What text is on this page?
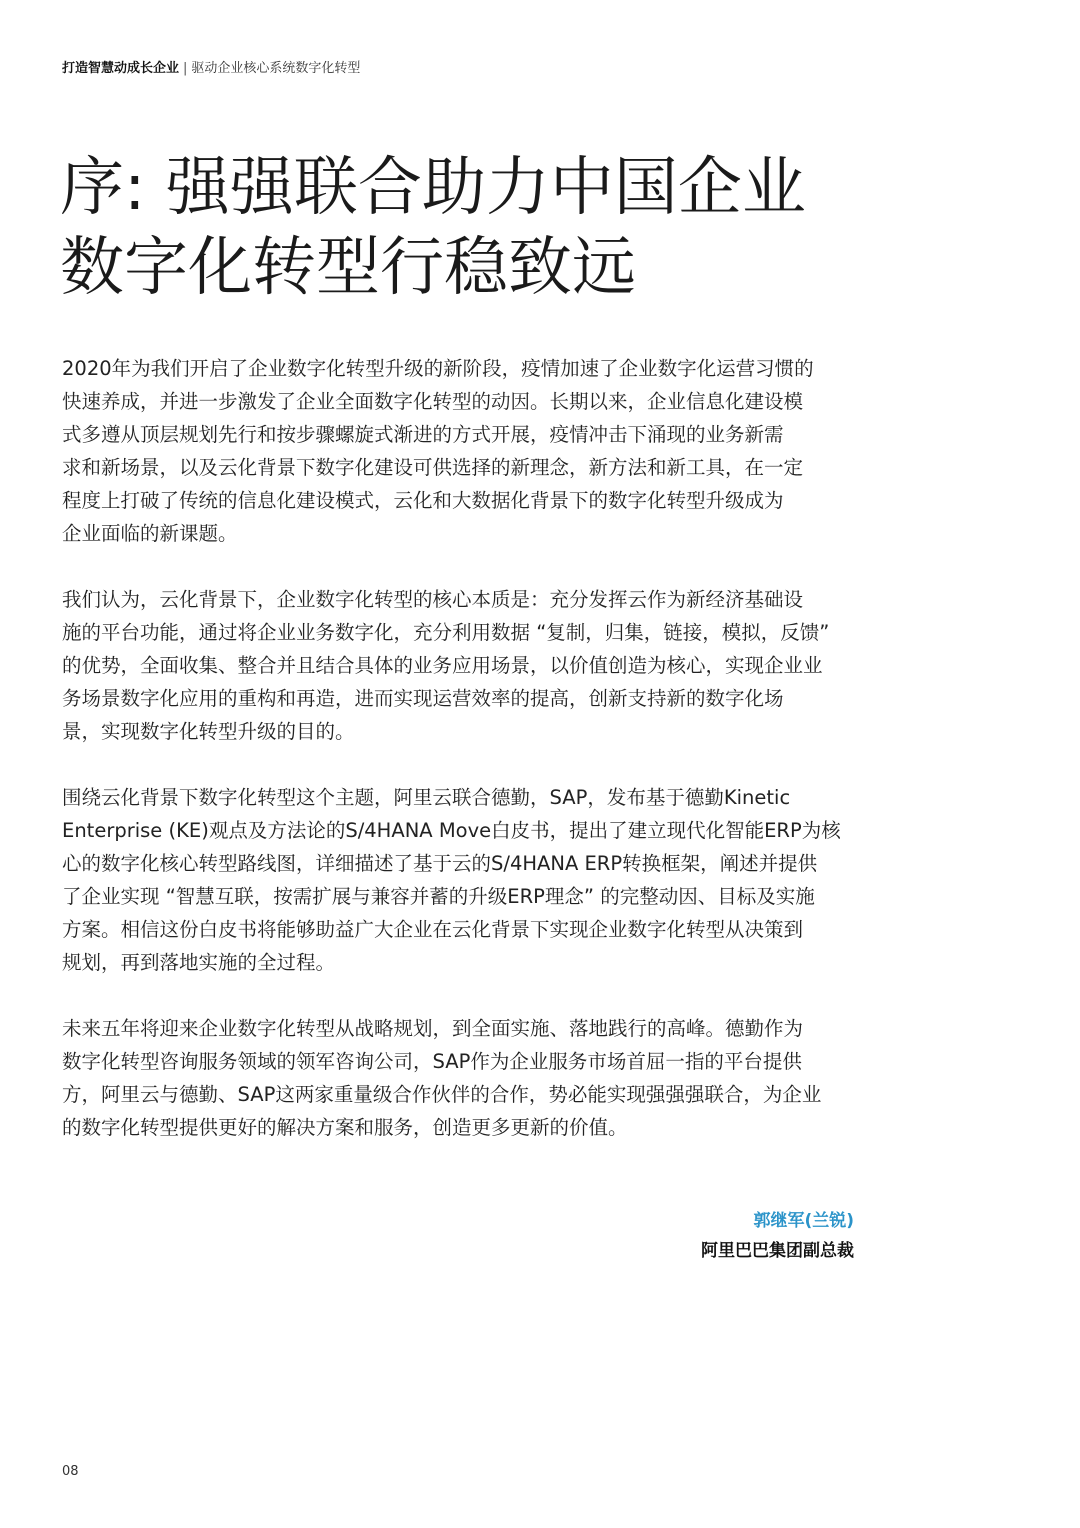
打造智慧动成长企业 | 驱动企业核心系统数字化转型
序: 强强联合助力中国企业
数字化转型行稳致远

2020年为我们开启了企业数字化转型升级的新阶段，疫情加速了企业数字化运营习惯的
快速养成，并进一步激发了企业全面数字化转型的动因。长期以来，企业信息化建设模
式多遵从顶层规划先行和按步骤螺旋式渐进的方式开展，疫情冲击下涌现的业务新需
求和新场景，以及云化背景下数字化建设可供选择的新理念，新方法和新工具，在一定
程度上打破了传统的信息化建设模式，云化和大数据化背景下的数字化转型升级成为
企业面临的新课题。

我们认为，云化背景下，企业数字化转型的核心本质是：充分发挥云作为新经济基础设
施的平台功能，通过将企业业务数字化，充分利用数据 “复制，归集，链接，模拟，反馈”
的优势，全面收集、整合并且结合具体的业务应用场景，以价值创造为核心，实现企业业
务场景数字化应用的重构和再造，进而实现运营效率的提高，创新支持新的数字化场
景，实现数字化转型升级的目的。

围绕云化背景下数字化转型这个主题，阿里云联合德勤，SAP，发布基于德勤Kinetic
Enterprise (KE)观点及方法论的S/4HANA Move白皮书，提出了建立现代化智能ERP为核
心的数字化核心转型路线图，详细描述了基于云的S/4HANA ERP转换框架，阐述并提供
了企业实现 “智慧互联，按需扩展与兼容并蓄的升级ERP理念” 的完整动因、目标及实施
方案。相信这份白皮书将能够助益广大企业在云化背景下实现企业数字化转型从决策到
规划，再到落地实施的全过程。

未来五年将迎来企业数字化转型从战略规划，到全面实施、落地践行的高峰。德勤作为
数字化转型咨询服务领域的领军咨询公司，SAP作为企业服务市场首屈一指的平台提供
方，阿里云与德勤、SAP这两家重量级合作伙伴的合作，势必能实现强强强联合，为企业
的数字化转型提供更好的解决方案和服务，创造更多更新的价值。

郭继军(兰锐)
阿里巴巴集团副总裁
08
